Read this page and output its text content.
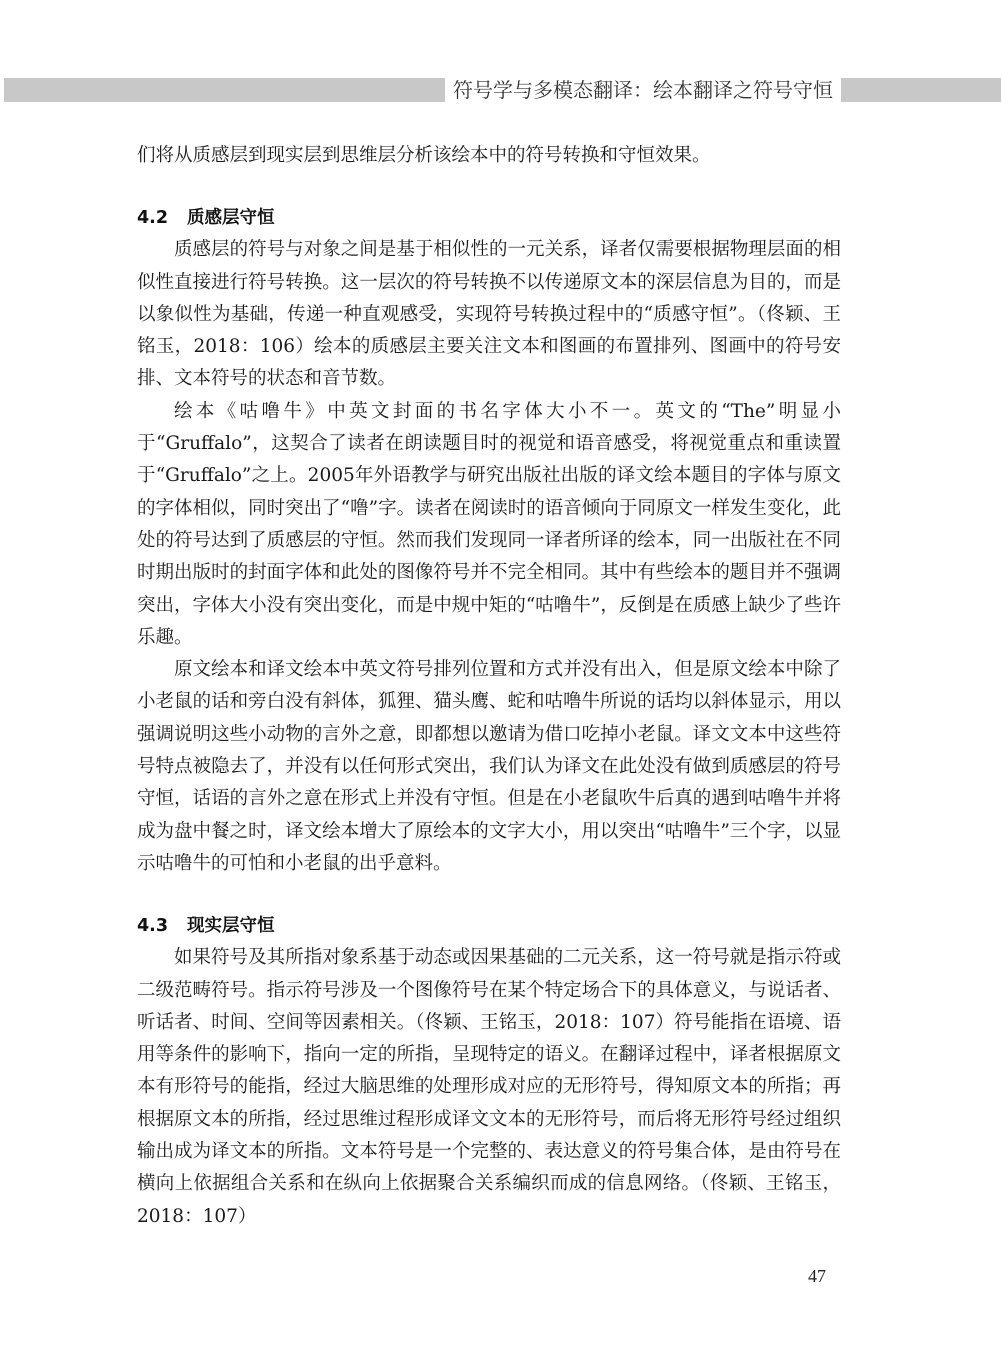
符号学与多模态翻译：绘本翻译之符号守恒

们将从质感层到现实层到思维层分析该绘本中的符号转换和守恒效果。

4.2 质感层守恒

质感层的符号与对象之间是基于相似性的一元关系，译者仅需要根据物理层面的相似性直接进行符号转换。这一层次的符号转换不以传递原文本的深层信息为目的，而是以象似性为基础，传递一种直观感受，实现符号转换过程中的“质感守恒”。（佟颖、王铭玉，2018：106）绘本的质感层主要关注文本和图画的布置排列、图画中的符号安排、文本符号的状态和音节数。

绘本《咕噜牛》中英文封面的书名字体大小不一。英文的“The”明显小于“Gruffalo”，这契合了读者在朗读题目时的视觉和语音感受，将视觉重点和重读置于“Gruffalo”之上。2005年外语教学与研究出版社出版的译文绘本题目的字体与原文的字体相似，同时突出了“噜”字。读者在阅读时的语音倾向于同原文一样发生变化，此处的符号达到了质感层的守恒。然而我们发现同一译者所译的绘本，同一出版社在不同时期出版时的封面字体和此处的图像符号并不完全相同。其中有些绘本的题目并不强调突出，字体大小没有突出变化，而是中规中矩的“咕噜牛”，反倒是在质感上缺少了些许乐趣。

原文绘本和译文绘本中英文符号排列位置和方式并没有出入，但是原文绘本中除了小老鼠的话和旁白没有斜体，狐狸、猫头鹰、蛇和咕噜牛所说的话均以斜体显示，用以强调说明这些小动物的言外之意，即都想以邀请为借口吃掉小老鼠。译文文本中这些符号特点被隐去了，并没有以任何形式突出，我们认为译文在此处没有做到质感层的符号守恒，话语的言外之意在形式上并没有守恒。但是在小老鼠吹牛后真的遇到咕噜牛并将成为盘中餐之时，译文绘本增大了原绘本的文字大小，用以突出“咕噜牛”三个字，以显示咕噜牛的可怕和小老鼠的出乎意料。

4.3 现实层守恒

如果符号及其所指对象系基于动态或因果基础的二元关系，这一符号就是指示符或二级范畴符号。指示符号涉及一个图像符号在某个特定场合下的具体意义，与说话者、听话者、时间、空间等因素相关。（佟颖、王铭玉，2018：107）符号能指在语境、语用等条件的影响下，指向一定的所指，呈现特定的语义。在翻译过程中，译者根据原文本有形符号的能指，经过大脑思维的处理形成对应的无形符号，得知原文本的所指；再根据原文本的所指，经过思维过程形成译文文本的无形符号，而后将无形符号经过组织输出成为译文本的所指。文本符号是一个完整的、表达意义的符号集合体，是由符号在横向上依据组合关系和在纵向上依据聚合关系编织而成的信息网络。（佟颖、王铭玉，2018：107）

47
